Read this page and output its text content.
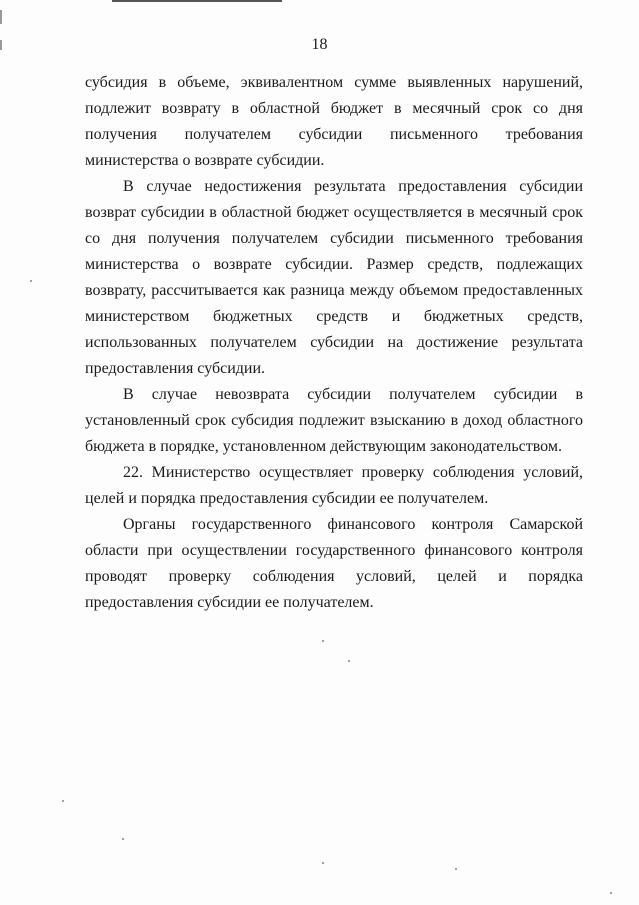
18

субсидия в объеме, эквивалентном сумме выявленных нарушений, подлежит возврату в областной бюджет в месячный срок со дня получения получателем субсидии письменного требования министерства о возврате субсидии.

В случае недостижения результата предоставления субсидии возврат субсидии в областной бюджет осуществляется в месячный срок со дня получения получателем субсидии письменного требования министерства о возврате субсидии. Размер средств, подлежащих возврату, рассчитывается как разница между объемом предоставленных министерством бюджетных средств и бюджетных средств, использованных получателем субсидии на достижение результата предоставления субсидии.

В случае невозврата субсидии получателем субсидии в установленный срок субсидия подлежит взысканию в доход областного бюджета в порядке, установленном действующим законодательством.

22. Министерство осуществляет проверку соблюдения условий, целей и порядка предоставления субсидии ее получателем.

Органы государственного финансового контроля Самарской области при осуществлении государственного финансового контроля проводят проверку соблюдения условий, целей и порядка предоставления субсидии ее получателем.
